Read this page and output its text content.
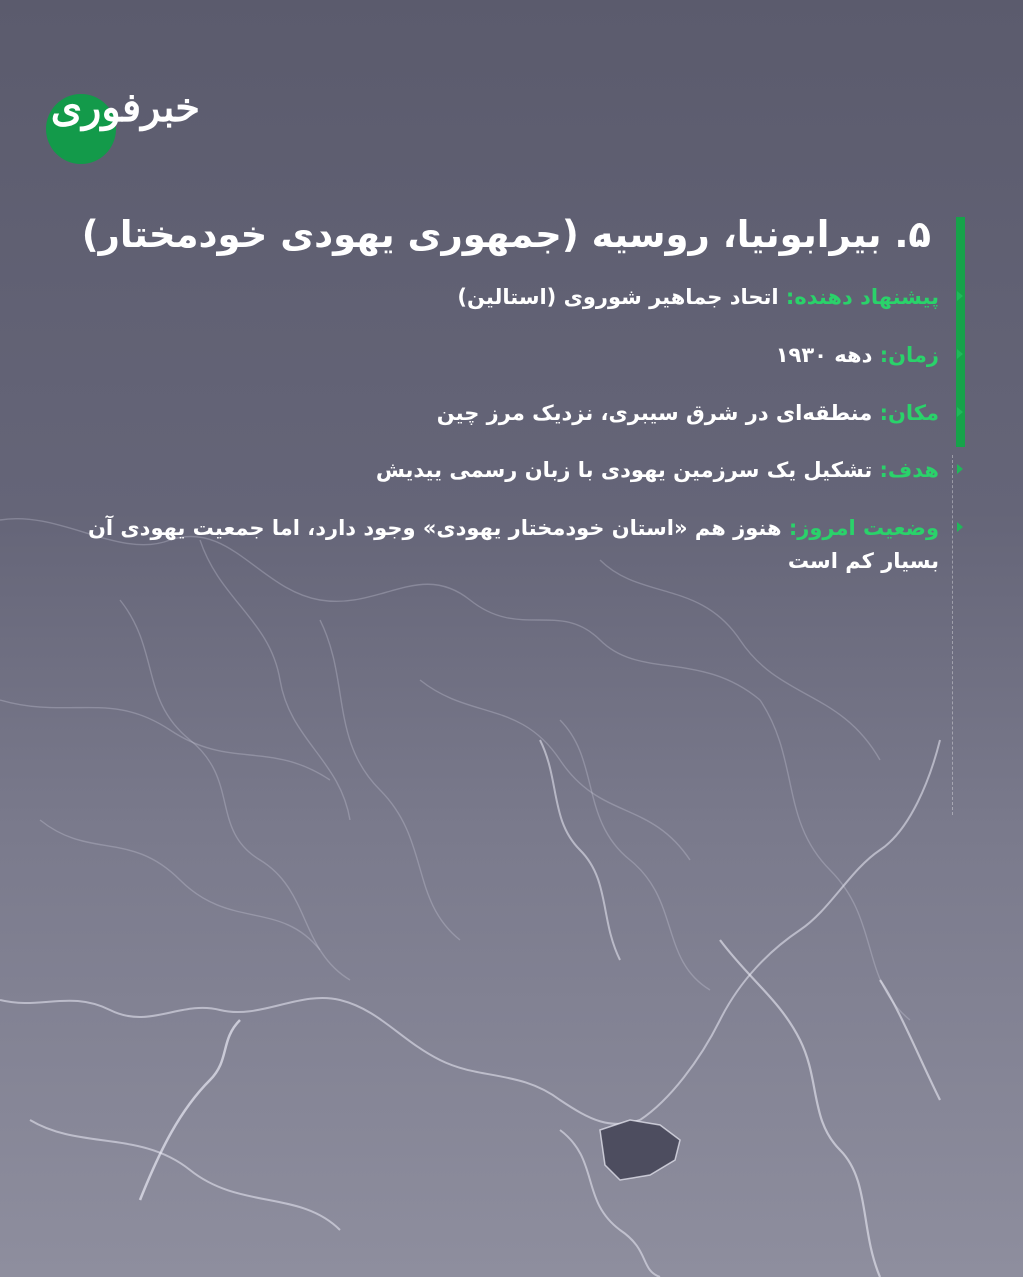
خبرفوری
۵. بیرابونیا، روسیه (جمهوری یهودی خودمختار)
پیشنهاد دهنده: اتحاد جماهیر شوروی (استالین)
زمان: دهه ۱۹۳۰
مکان: منطقه‌ای در شرق سیبری، نزدیک مرز چین
هدف: تشکیل یک سرزمین یهودی با زبان رسمی ییدیش
وضعیت امروز: هنوز هم «استان خودمختار یهودی» وجود دارد، اما جمعیت یهودی آن بسیار کم است
